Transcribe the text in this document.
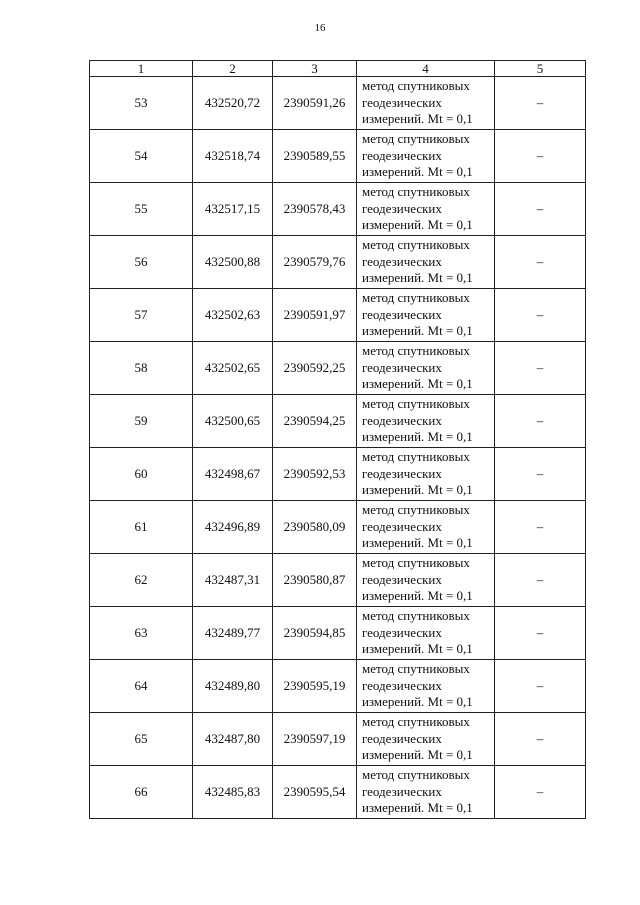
16
1	2	3	4	5
53	432520,72	2390591,26	метод спутниковых
геодезических
измерений. Mt = 0,1	–
54	432518,74	2390589,55	метод спутниковых
геодезических
измерений. Mt = 0,1	–
55	432517,15	2390578,43	метод спутниковых
геодезических
измерений. Mt = 0,1	–
56	432500,88	2390579,76	метод спутниковых
геодезических
измерений. Mt = 0,1	–
57	432502,63	2390591,97	метод спутниковых
геодезических
измерений. Mt = 0,1	–
58	432502,65	2390592,25	метод спутниковых
геодезических
измерений. Mt = 0,1	–
59	432500,65	2390594,25	метод спутниковых
геодезических
измерений. Mt = 0,1	–
60	432498,67	2390592,53	метод спутниковых
геодезических
измерений. Mt = 0,1	–
61	432496,89	2390580,09	метод спутниковых
геодезических
измерений. Mt = 0,1	–
62	432487,31	2390580,87	метод спутниковых
геодезических
измерений. Mt = 0,1	–
63	432489,77	2390594,85	метод спутниковых
геодезических
измерений. Mt = 0,1	–
64	432489,80	2390595,19	метод спутниковых
геодезических
измерений. Mt = 0,1	–
65	432487,80	2390597,19	метод спутниковых
геодезических
измерений. Mt = 0,1	–
66	432485,83	2390595,54	метод спутниковых
геодезических
измерений. Mt = 0,1	–
